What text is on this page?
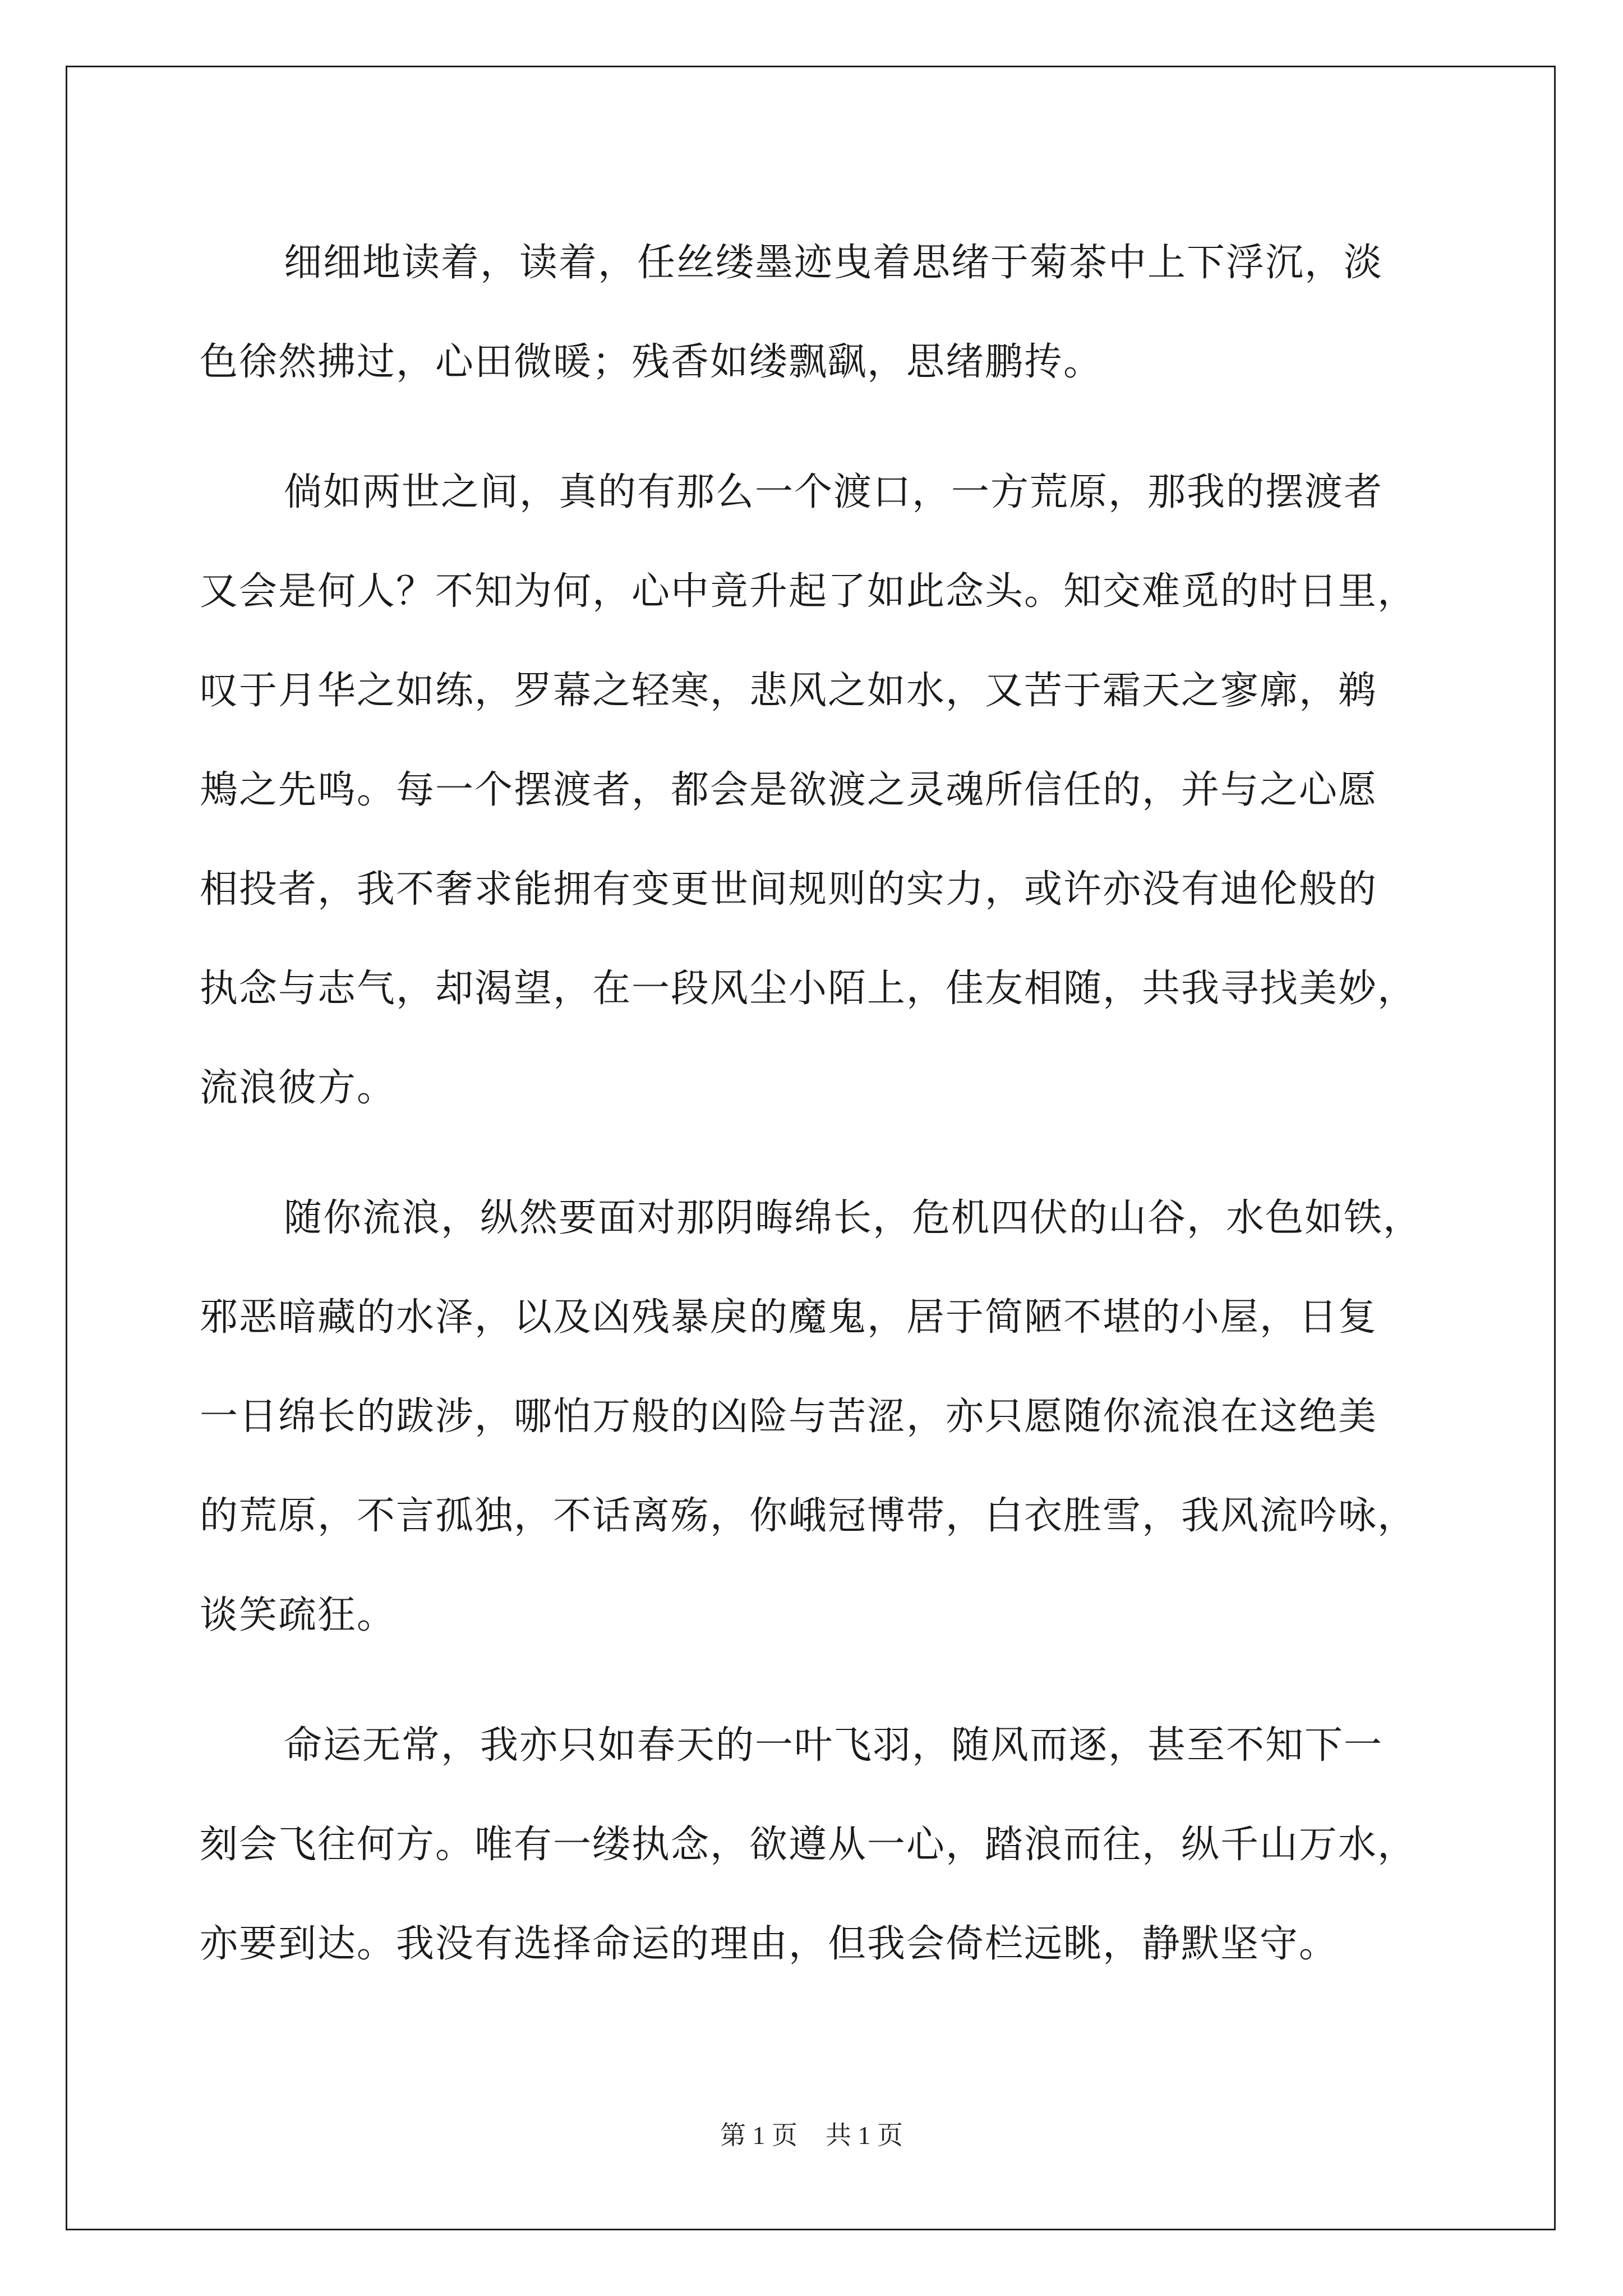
细细地读着，读着，任丝缕墨迹曳着思绪于菊茶中上下浮沉，淡
色徐然拂过，心田微暖；残香如缕飘飖，思绪鹏抟。

倘如两世之间，真的有那么一个渡口，一方荒原，那我的摆渡者
又会是何人？不知为何，心中竟升起了如此念头。知交难觅的时日里，
叹于月华之如练，罗幕之轻寒，悲风之如水，又苦于霜天之寥廓，鹈
鴂之先鸣。每一个摆渡者，都会是欲渡之灵魂所信任的，并与之心愿
相投者，我不奢求能拥有变更世间规则的实力，或许亦没有迪伦般的
执念与志气，却渴望，在一段风尘小陌上，佳友相随，共我寻找美妙，
流浪彼方。

随你流浪，纵然要面对那阴晦绵长，危机四伏的山谷，水色如铁，
邪恶暗藏的水泽，以及凶残暴戾的魔鬼，居于简陋不堪的小屋，日复
一日绵长的跋涉，哪怕万般的凶险与苦涩，亦只愿随你流浪在这绝美
的荒原，不言孤独，不话离殇，你峨冠博带，白衣胜雪，我风流吟咏，
谈笑疏狂。

命运无常，我亦只如春天的一叶飞羽，随风而逐，甚至不知下一
刻会飞往何方。唯有一缕执念，欲遵从一心，踏浪而往，纵千山万水，
亦要到达。我没有选择命运的理由，但我会倚栏远眺，静默坚守。

第 1 页 共 1 页
